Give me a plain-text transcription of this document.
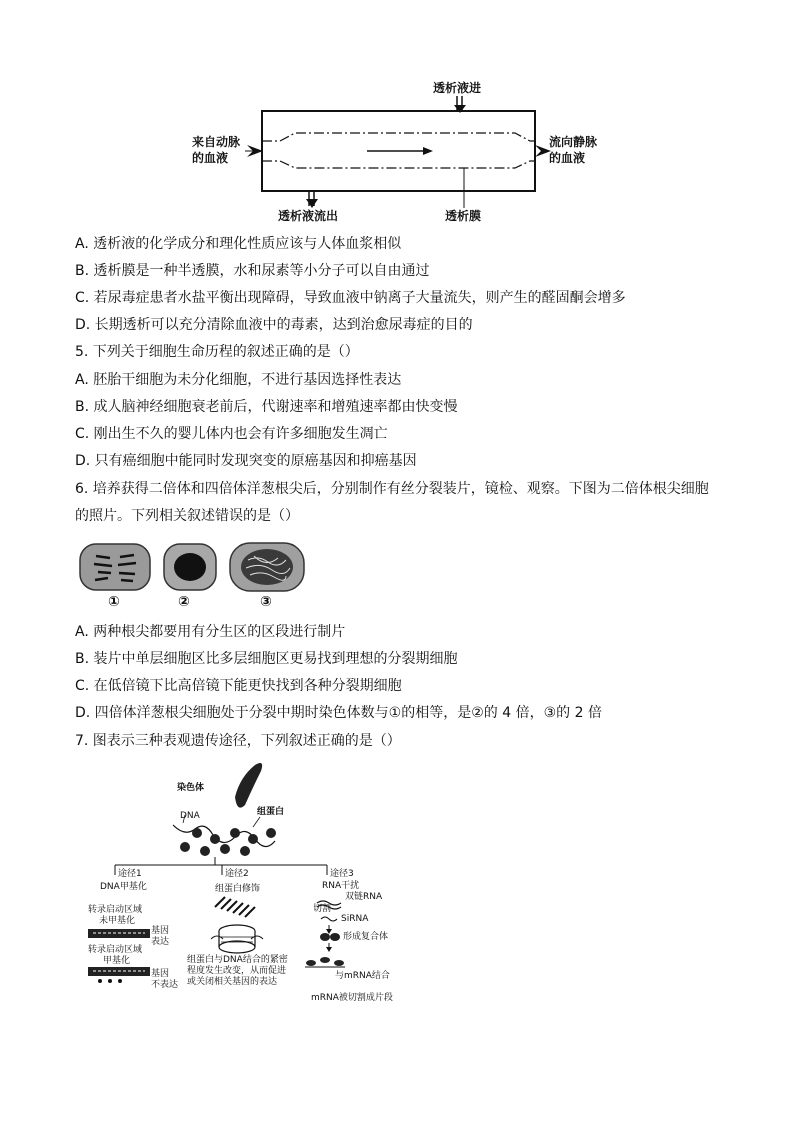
透析液进
来自动脉
的血液
流向静脉
的血液
透析液流出	透析膜
A. 透析液的化学成分和理化性质应该与人体血浆相似
B. 透析膜是一种半透膜，水和尿素等小分子可以自由通过
C. 若尿毒症患者水盐平衡出现障碍，导致血液中钠离子大量流失，则产生的醛固酮会增多
D. 长期透析可以充分清除血液中的毒素，达到治愈尿毒症的目的
5. 下列关于细胞生命历程的叙述正确的是（）
A. 胚胎干细胞为未分化细胞，不进行基因选择性表达
B. 成人脑神经细胞衰老前后，代谢速率和增殖速率都由快变慢
C. 刚出生不久的婴儿体内也会有许多细胞发生凋亡
D. 只有癌细胞中能同时发现突变的原癌基因和抑癌基因
6. 培养获得二倍体和四倍体洋葱根尖后，分别制作有丝分裂装片，镜检、观察。下图为二倍体根尖细胞
的照片。下列相关叙述错误的是（）
①	②	③
A. 两种根尖都要用有分生区的区段进行制片
B. 装片中单层细胞区比多层细胞区更易找到理想的分裂期细胞
C. 在低倍镜下比高倍镜下能更快找到各种分裂期细胞
D. 四倍体洋葱根尖细胞处于分裂中期时染色体数与①的相等，是②的 4 倍，③的 2 倍
7. 图表示三种表观遗传途径，下列叙述正确的是（）
染色体
DNA	组蛋白
途径1	途径2	途径3
DNA甲基化
转录启动区域
未甲基化
基因
表达
转录启动区域
甲基化
基因
不表达
组蛋白修饰
组蛋白与DNA结合的紧密
程度发生改变，从而促进
或关闭相关基因的表达
RNA干扰
双链RNA
切割
SiRNA
形成复合体
与mRNA结合
mRNA被切割成片段
